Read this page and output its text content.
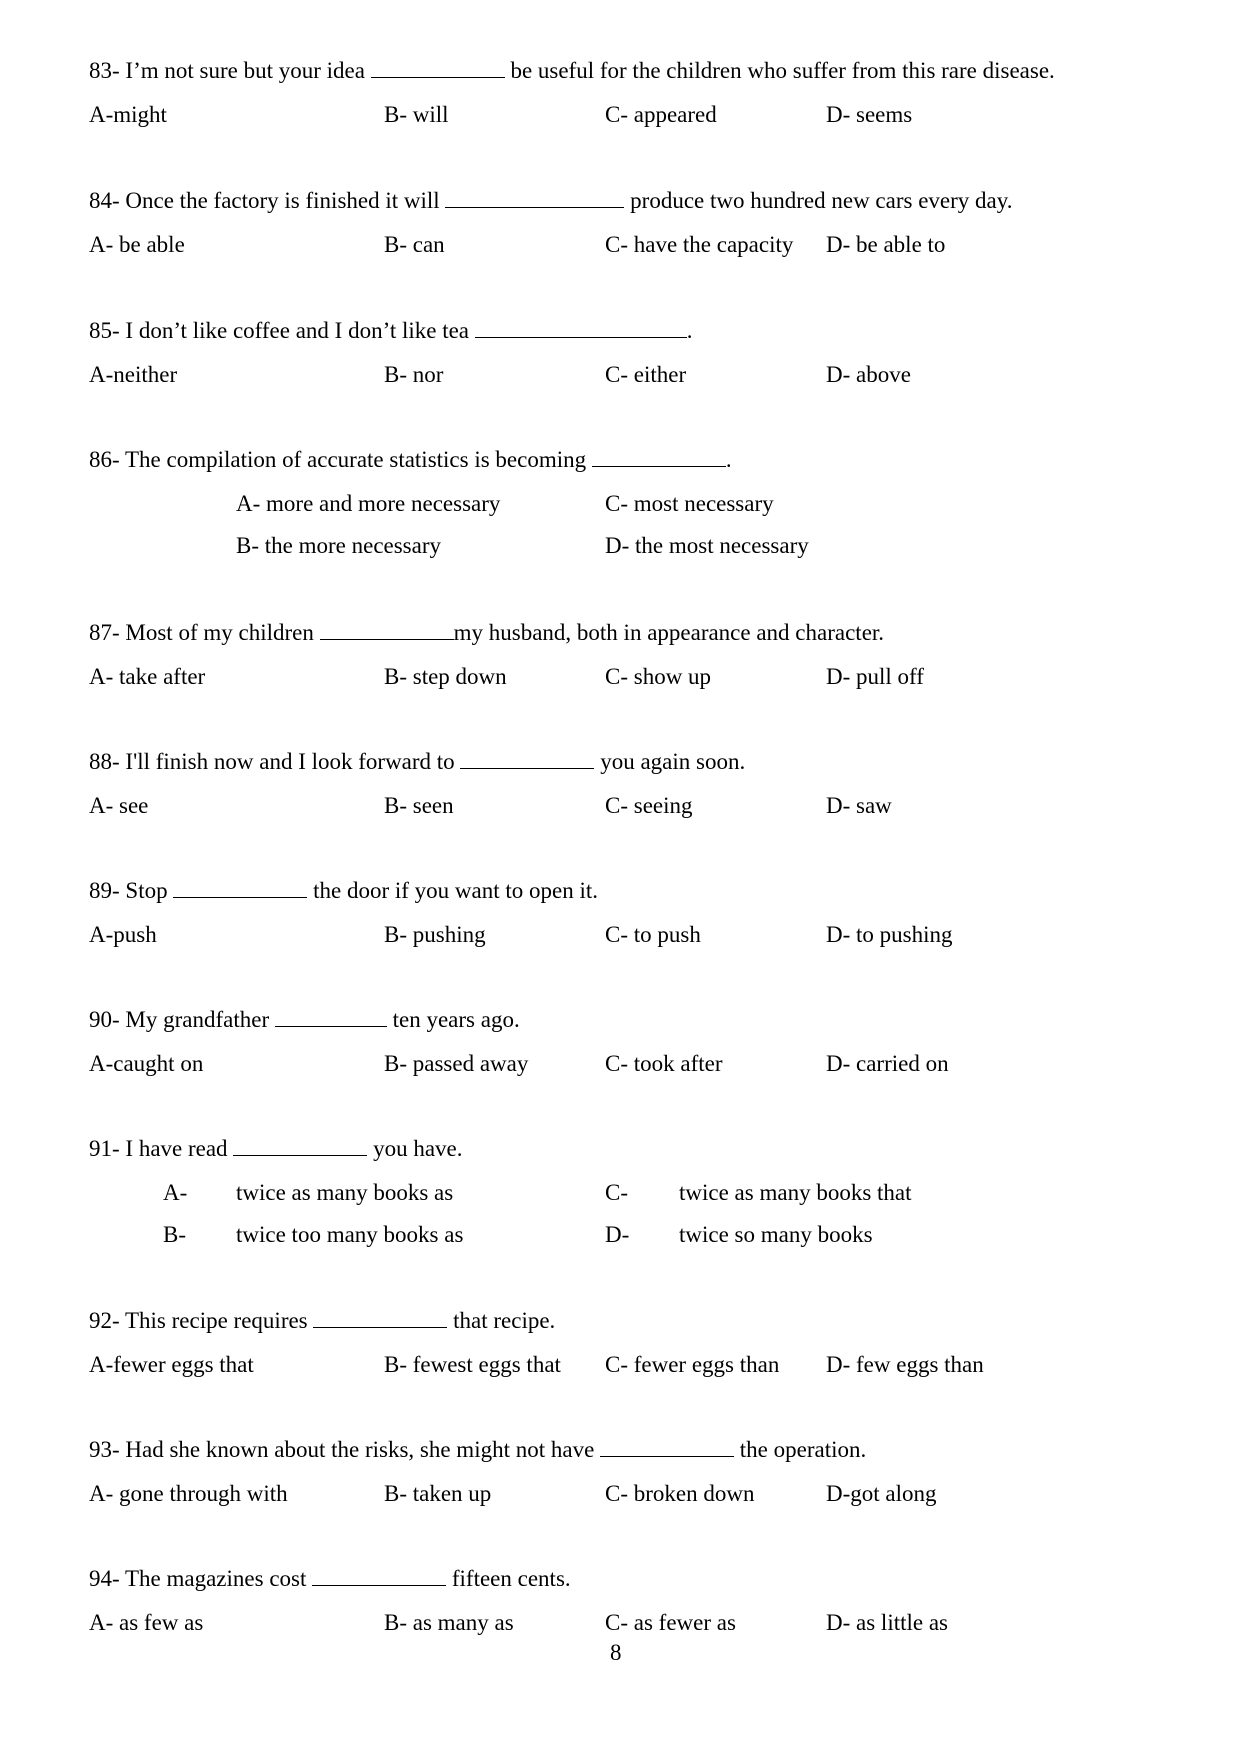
83- I’m not sure but your idea	be useful for the children who suffer from this rare disease.
A-might	B- will	C- appeared	D- seems
84- Once the factory is finished it will	produce two hundred new cars every day.
A- be able	B- can	C- have the capacity D- be able to
85- I don’t like coffee and I don’t like tea	.
A-neither	B- nor	C- either	D- above
86- The compilation of accurate statistics is becoming	.
A- more and more necessary	C- most necessary
B- the more necessary	D- the most necessary
87- Most of my children	my husband, both in appearance and character.
A- take after	B- step down	C- show up	D- pull off
88- I'll finish now and I look forward to	you again soon.
A- see	B- seen	C- seeing	D- saw
89- Stop	the door if you want to open it.
A-push	B- pushing	C- to push	D- to pushing
90- My grandfather	ten years ago.
A-caught on	B- passed away	C- took after	D- carried on
91- I have read	you have.
A- twice as many books as	C- twice as many books that
B- twice too many books as	D- twice so many books
92- This recipe requires	that recipe.
A-fewer eggs that	B- fewest eggs that C- fewer eggs than D- few eggs than
93- Had she known about the risks, she might not have	the operation.
A- gone through with	B- taken up	C- broken down	D-got along
94- The magazines cost	fifteen cents.
A- as few as	B- as many as	C- as fewer as	D- as little as
8
